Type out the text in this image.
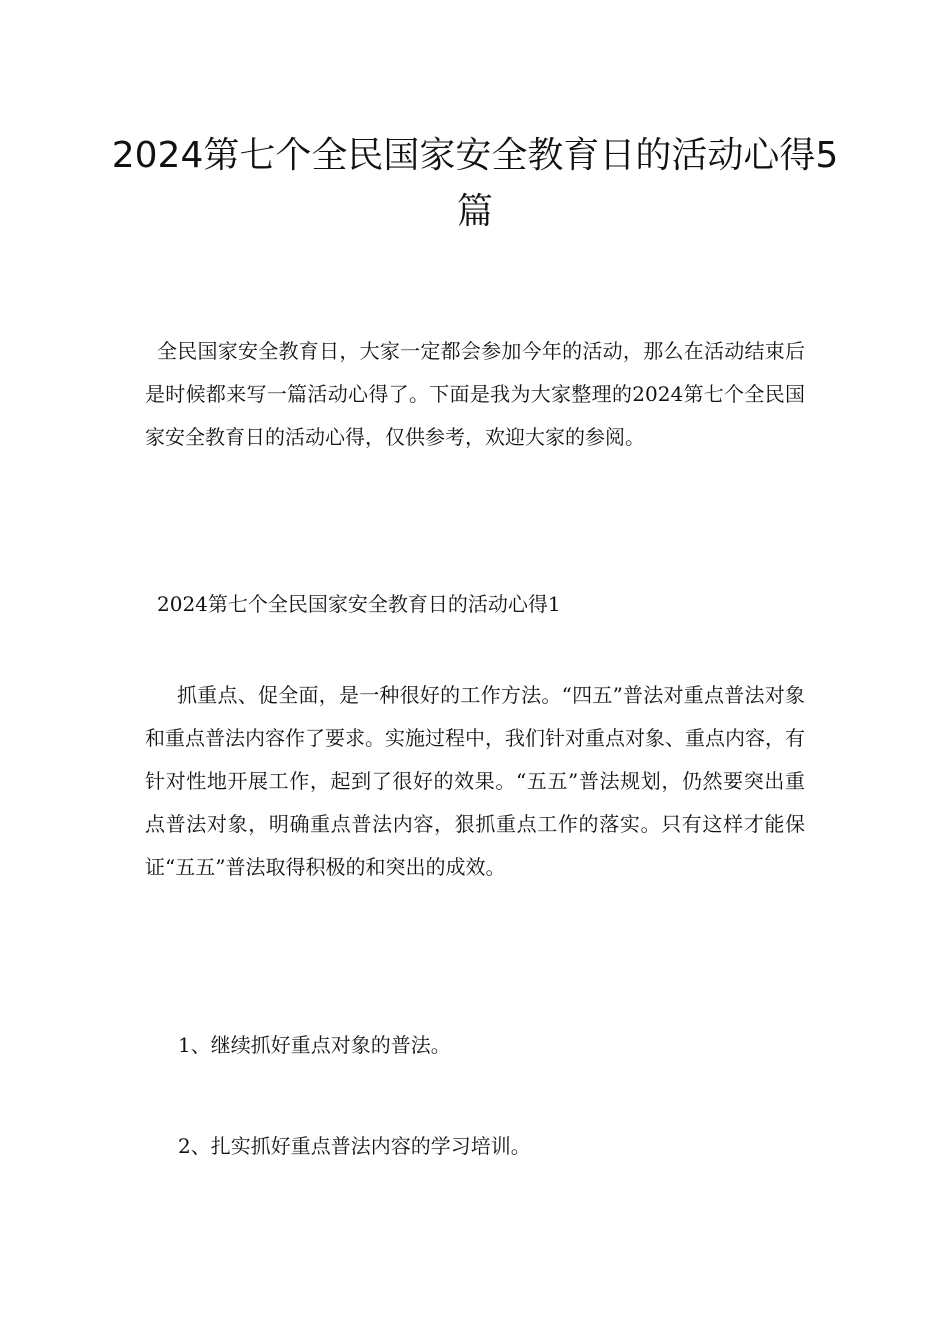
2024第七个全民国家安全教育日的活动心得5篇

全民国家安全教育日，大家一定都会参加今年的活动，那么在活动结束后是时候都来写一篇活动心得了。下面是我为大家整理的2024第七个全民国家安全教育日的活动心得，仅供参考，欢迎大家的参阅。

2024第七个全民国家安全教育日的活动心得1

抓重点、促全面，是一种很好的工作方法。“四五”普法对重点普法对象和重点普法内容作了要求。实施过程中，我们针对重点对象、重点内容，有针对性地开展工作，起到了很好的效果。“五五”普法规划，仍然要突出重点普法对象，明确重点普法内容，狠抓重点工作的落实。只有这样才能保证“五五”普法取得积极的和突出的成效。

1、继续抓好重点对象的普法。

2、扎实抓好重点普法内容的学习培训。
